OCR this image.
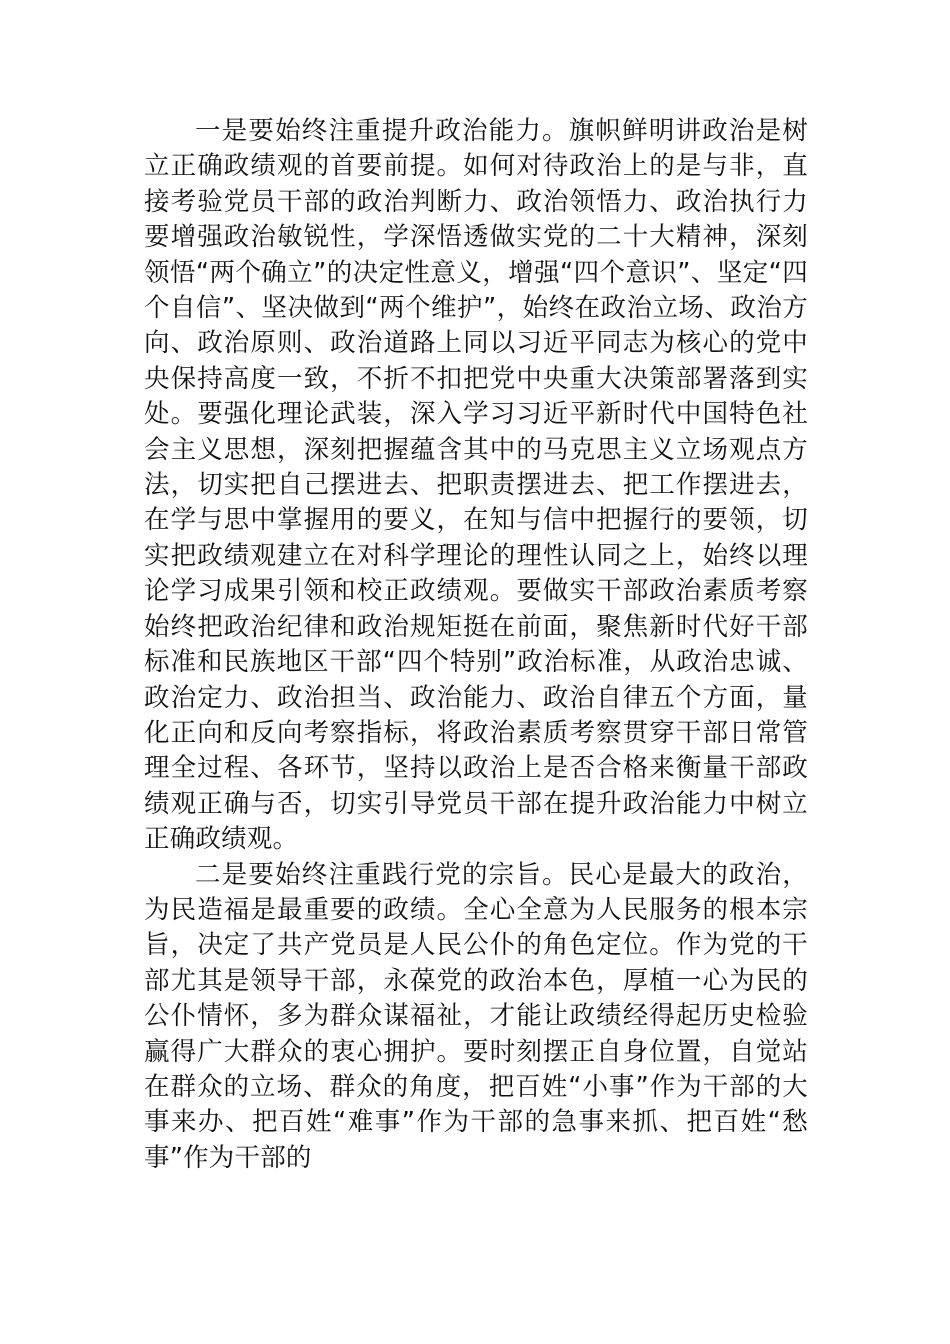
一是要始终注重提升政治能力。旗帜鲜明讲政治是树立正确政绩观的首要前提。如何对待政治上的是与非，直接考验党员干部的政治判断力、政治领悟力、政治执行力要增强政治敏锐性，学深悟透做实党的二十大精神，深刻领悟“两个确立”的决定性意义，增强“四个意识”、坚定“四个自信”、坚决做到“两个维护”，始终在政治立场、政治方向、政治原则、政治道路上同以习近平同志为核心的党中央保持高度一致，不折不扣把党中央重大决策部署落到实处。要强化理论武装，深入学习习近平新时代中国特色社会主义思想，深刻把握蕴含其中的马克思主义立场观点方法，切实把自己摆进去、把职责摆进去、把工作摆进去，在学与思中掌握用的要义，在知与信中把握行的要领，切实把政绩观建立在对科学理论的理性认同之上，始终以理论学习成果引领和校正政绩观。要做实干部政治素质考察始终把政治纪律和政治规矩挺在前面，聚焦新时代好干部标准和民族地区干部“四个特别”政治标准，从政治忠诚、政治定力、政治担当、政治能力、政治自律五个方面，量化正向和反向考察指标，将政治素质考察贯穿干部日常管理全过程、各环节，坚持以政治上是否合格来衡量干部政绩观正确与否，切实引导党员干部在提升政治能力中树立正确政绩观。

二是要始终注重践行党的宗旨。民心是最大的政治，为民造福是最重要的政绩。全心全意为人民服务的根本宗旨，决定了共产党员是人民公仆的角色定位。作为党的干部尤其是领导干部，永葆党的政治本色，厚植一心为民的公仆情怀，多为群众谋福祉，才能让政绩经得起历史检验赢得广大群众的衷心拥护。要时刻摆正自身位置，自觉站在群众的立场、群众的角度，把百姓“小事”作为干部的大事来办、把百姓“难事”作为干部的急事来抓、把百姓“愁事”作为干部的
